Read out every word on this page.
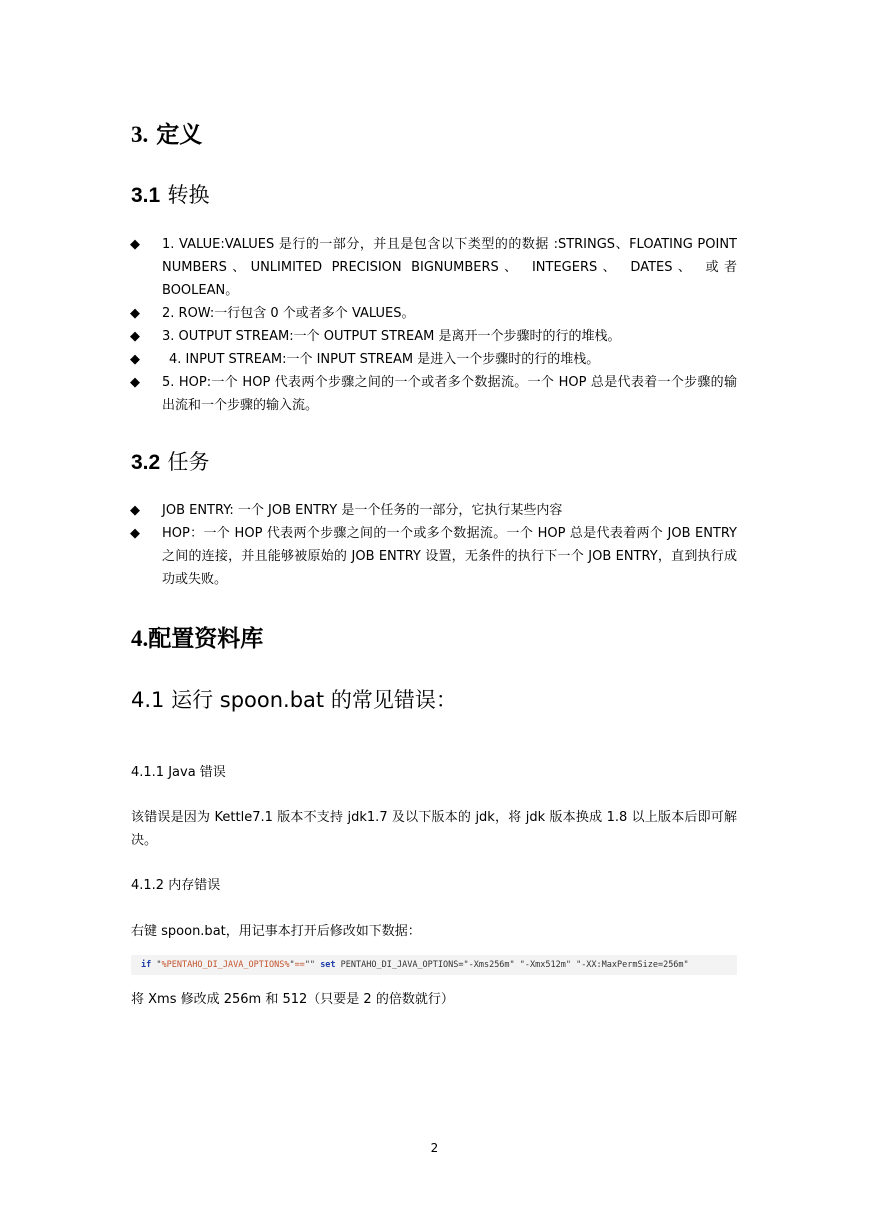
3. 定义
3.1 转换
◆ 1. VALUE:VALUES 是行的一部分，并且是包含以下类型的的数据 :STRINGS、FLOATING POINT NUMBERS、UNLIMITED PRECISION BIGNUMBERS、 INTEGERS、 DATES、 或者 BOOLEAN。
◆ 2. ROW:一行包含 0 个或者多个 VALUES。
◆ 3. OUTPUT STREAM:一个 OUTPUT STREAM 是离开一个步骤时的行的堆栈。
◆ 4. INPUT STREAM:一个 INPUT STREAM 是进入一个步骤时的行的堆栈。
◆ 5. HOP:一个 HOP 代表两个步骤之间的一个或者多个数据流。一个 HOP 总是代表着一个步骤的输出流和一个步骤的输入流。
3.2 任务
◆ JOB ENTRY: 一个 JOB ENTRY 是一个任务的一部分，它执行某些内容
◆ HOP：一个 HOP 代表两个步骤之间的一个或多个数据流。一个 HOP 总是代表着两个 JOB ENTRY 之间的连接，并且能够被原始的 JOB ENTRY 设置，无条件的执行下一个 JOB ENTRY，直到执行成功或失败。
4.配置资料库
4.1 运行 spoon.bat 的常见错误：
4.1.1 Java 错误
该错误是因为 Kettle7.1 版本不支持 jdk1.7 及以下版本的 jdk，将 jdk 版本换成 1.8 以上版本后即可解决。
4.1.2 内存错误
右键 spoon.bat，用记事本打开后修改如下数据：
if "%PENTAHO_DI_JAVA_OPTIONS%"=="" set PENTAHO_DI_JAVA_OPTIONS="-Xms256m" "-Xmx512m" "-XX:MaxPermSize=256m"
将 Xms 修改成 256m 和 512（只要是 2 的倍数就行）
2
